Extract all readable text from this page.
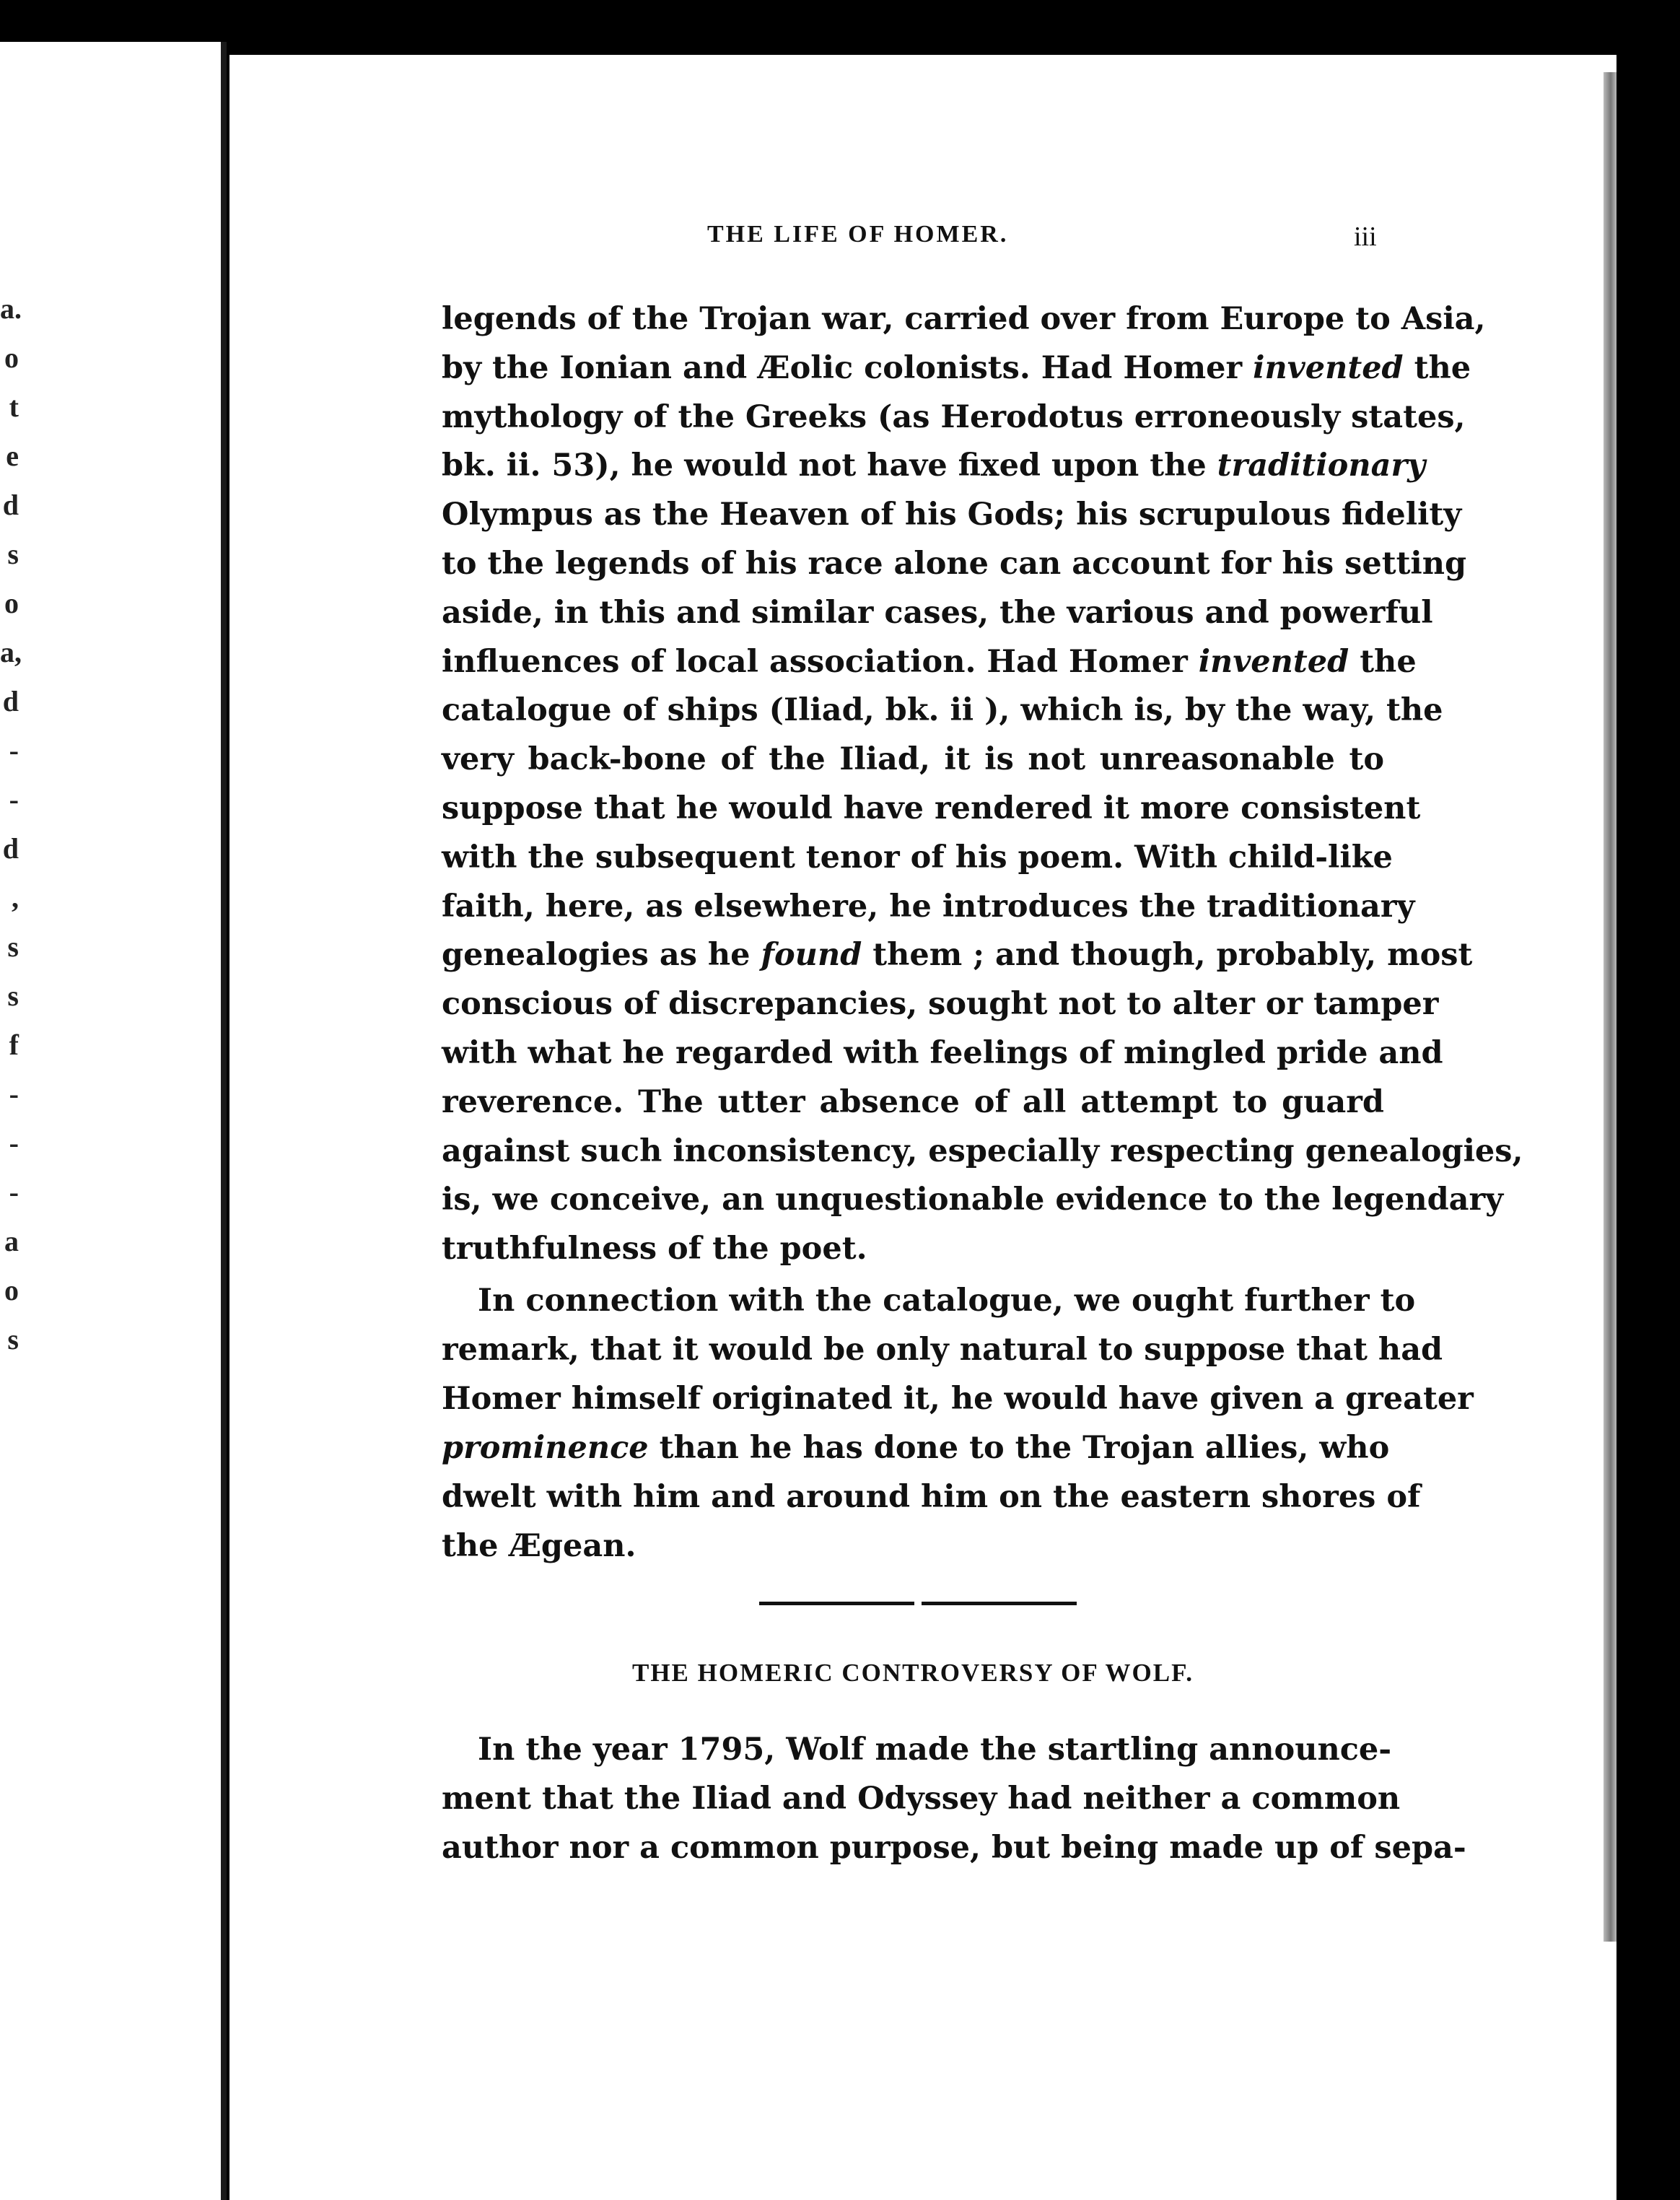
a.
o
t
e
d
s
o
a,
d
-
-
d
,
s
s
f
-
-
-
a
o
s
THE LIFE OF HOMER.	iii
legends of the Trojan war, carried over from Europe to Asia,
by the Ionian and Æolic colonists. Had Homer invented the
mythology of the Greeks (as Herodotus erroneously states,
bk. ii. 53), he would not have fixed upon the traditionary
Olympus as the Heaven of his Gods; his scrupulous fidelity
to the legends of his race alone can account for his setting
aside, in this and similar cases, the various and powerful
influences of local association. Had Homer invented the
catalogue of ships (Iliad, bk. ii ), which is, by the way, the
very back-bone of the Iliad, it is not unreasonable to
suppose that he would have rendered it more consistent
with the subsequent tenor of his poem. With child-like
faith, here, as elsewhere, he introduces the traditionary
genealogies as he found them ; and though, probably, most
conscious of discrepancies, sought not to alter or tamper
with what he regarded with feelings of mingled pride and
reverence. The utter absence of all attempt to guard
against such inconsistency, especially respecting genealogies,
is, we conceive, an unquestionable evidence to the legendary
truthfulness of the poet.
In connection with the catalogue, we ought further to
remark, that it would be only natural to suppose that had
Homer himself originated it, he would have given a greater
prominence than he has done to the Trojan allies, who
dwelt with him and around him on the eastern shores of
the Ægean.
In the year 1795, Wolf made the startling announce-
ment that the Iliad and Odyssey had neither a common
author nor a common purpose, but being made up of sepa-
THE HOMERIC CONTROVERSY OF WOLF.
